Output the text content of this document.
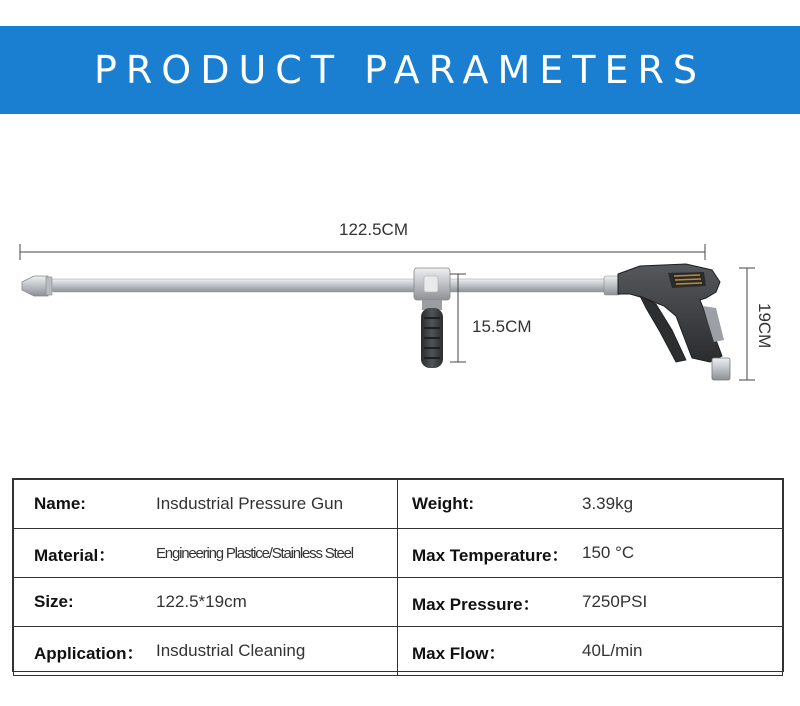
PRODUCT PARAMETERS
122.5CM
15.5CM	19CM
Name: Insdustrial Pressure Gun	Weight: 3.39kg

Material： Engineering Plastice/Stainless Steel	Max Temperature： 150 °C

Size: 122.5*19cm	Max Pressure： 7250PSI

Application： Insdustrial Cleaning	Max Flow： 40L/min
